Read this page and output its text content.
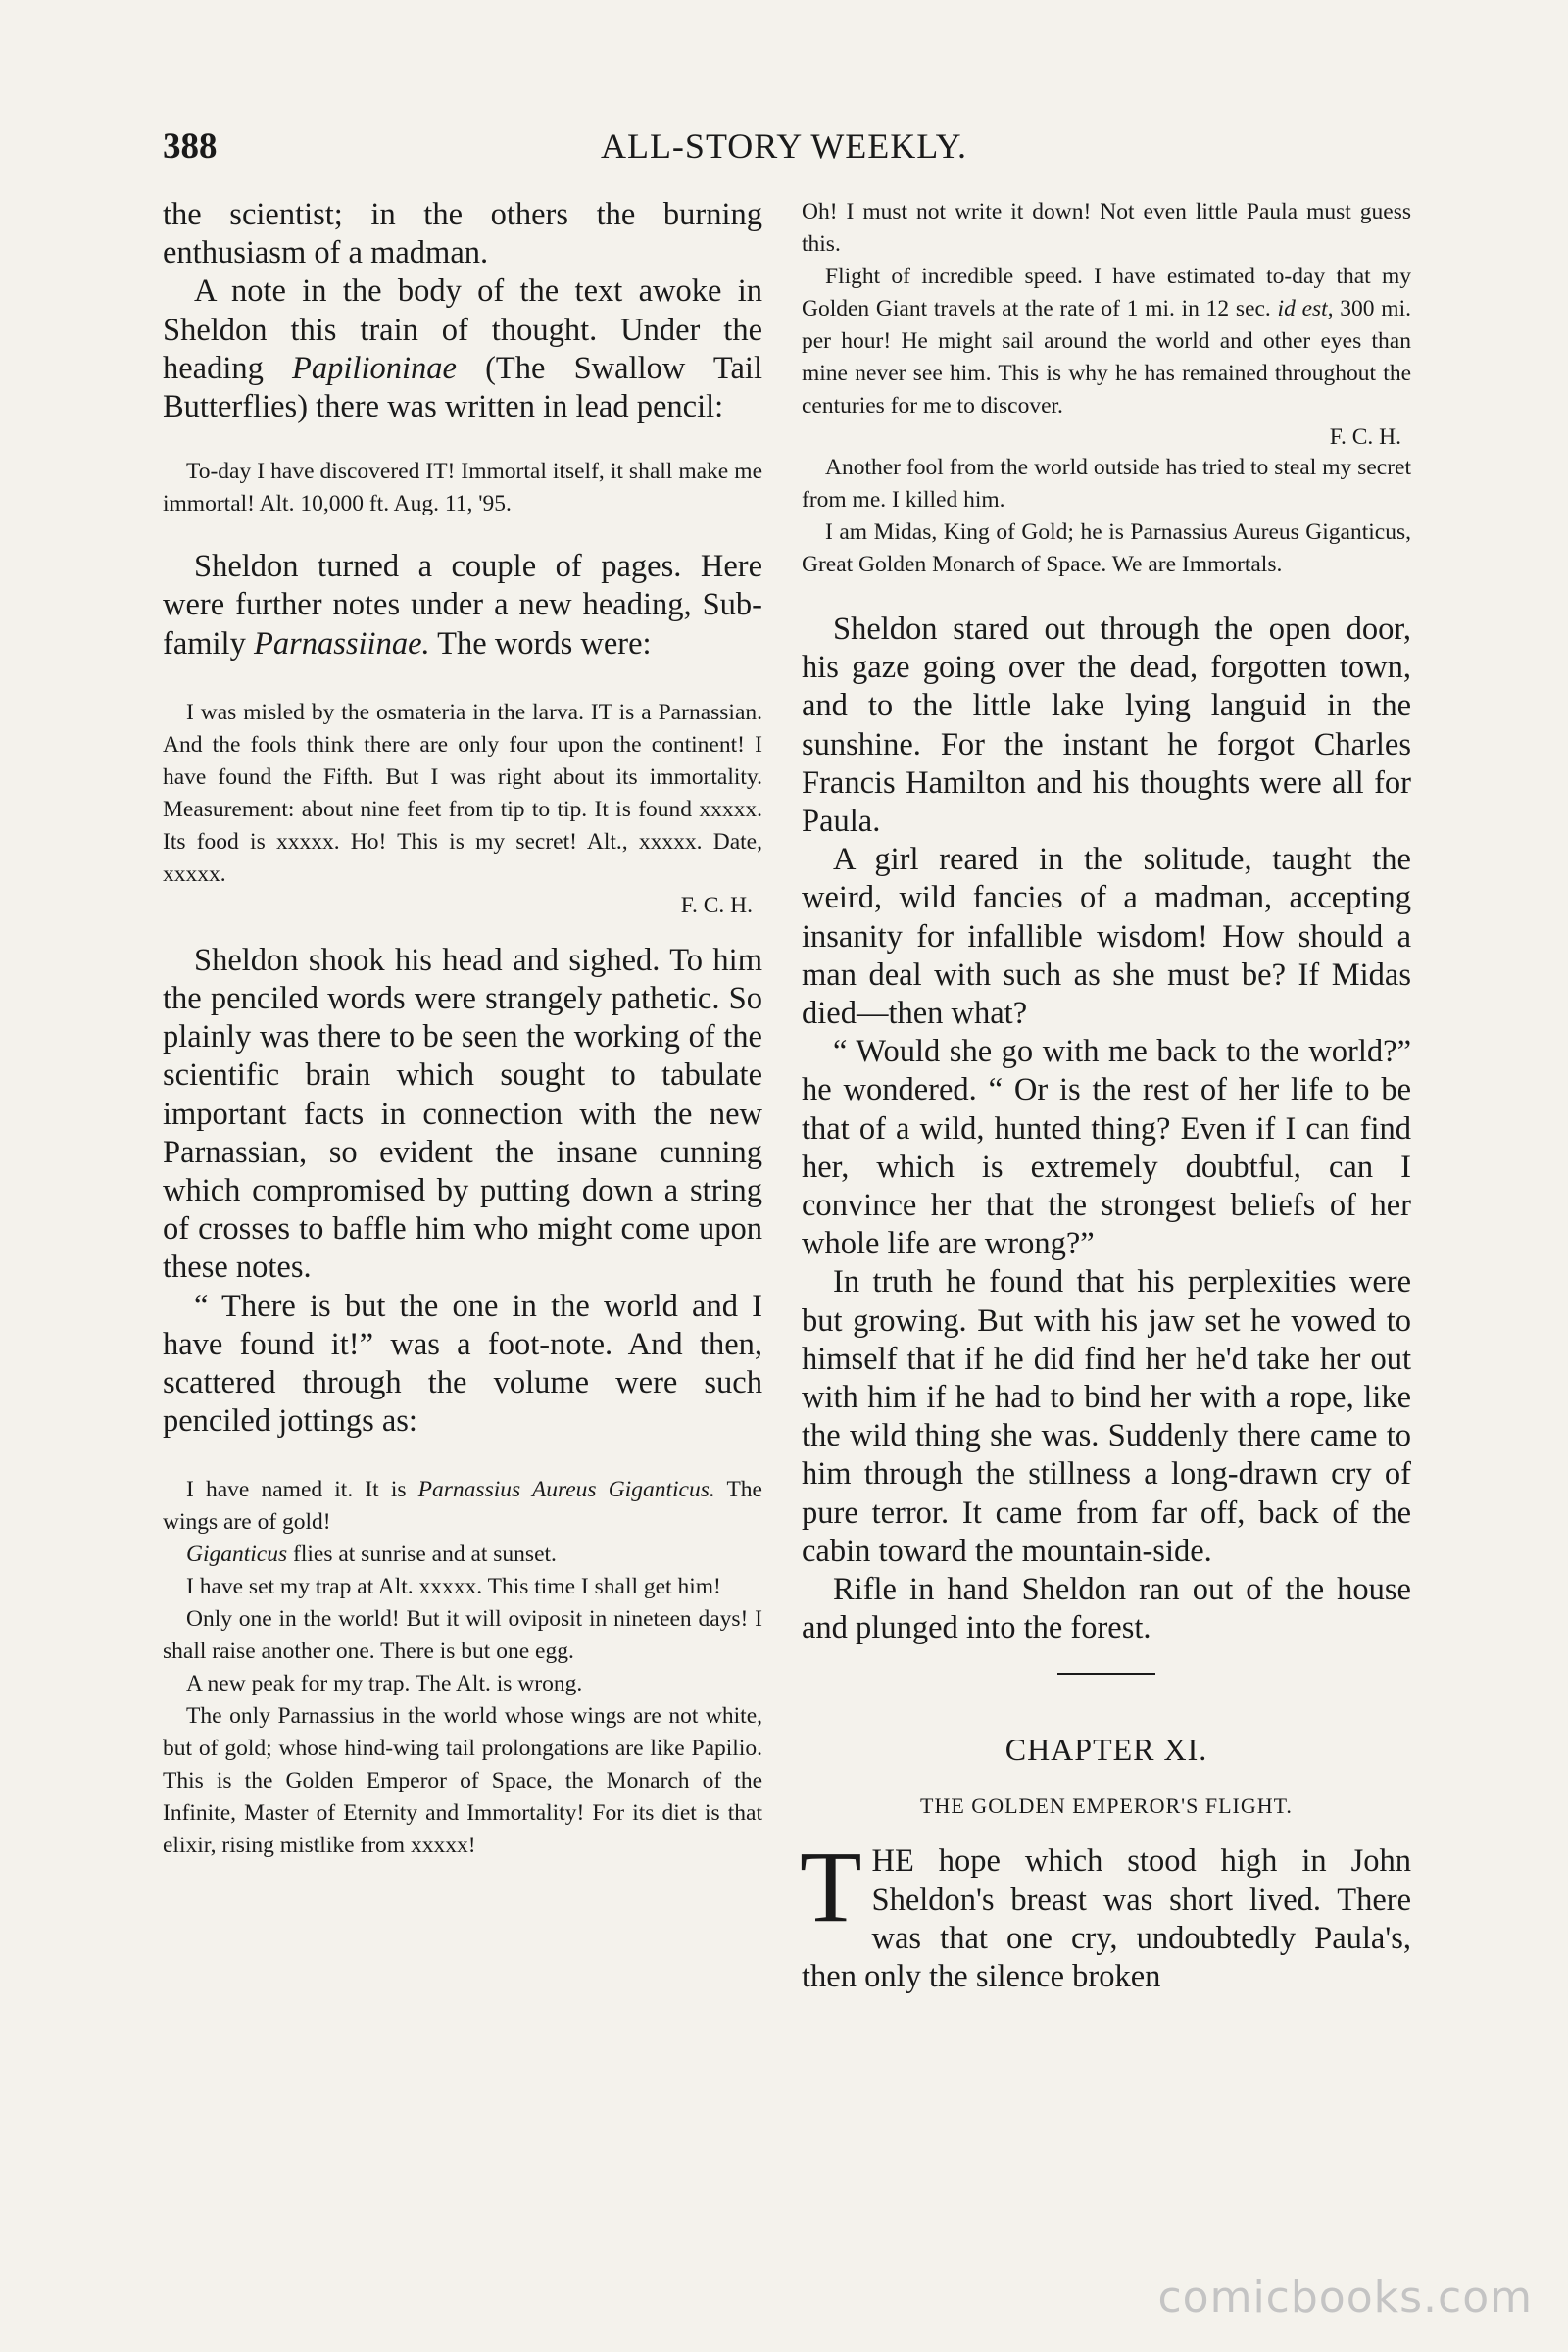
388	ALL-STORY WEEKLY.

the scientist; in the others the burning enthusiasm of a madman.

A note in the body of the text awoke in Sheldon this train of thought. Under the heading Papilioninae (The Swallow Tail Butterflies) there was written in lead pencil:

To-day I have discovered IT! Immortal itself, it shall make me immortal! Alt. 10,000 ft. Aug. 11, '95.

Sheldon turned a couple of pages. Here were further notes under a new heading, Sub-family Parnassiinae. The words were:

I was misled by the osmateria in the larva. IT is a Parnassian. And the fools think there are only four upon the continent! I have found the Fifth. But I was right about its immortality. Measurement: about nine feet from tip to tip. It is found xxxxx. Its food is xxxxx. Ho! This is my secret! Alt., xxxxx. Date, xxxxx.

F. C. H.

Sheldon shook his head and sighed. To him the penciled words were strangely pathetic. So plainly was there to be seen the working of the scientific brain which sought to tabulate important facts in connection with the new Parnassian, so evident the insane cunning which compromised by putting down a string of crosses to baffle him who might come upon these notes.

“ There is but the one in the world and I have found it!” was a foot-note. And then, scattered through the volume were such penciled jottings as:

I have named it. It is Parnassius Aureus Giganticus. The wings are of gold!

Giganticus flies at sunrise and at sunset.

I have set my trap at Alt. xxxxx. This time I shall get him!

Only one in the world! But it will oviposit in nineteen days! I shall raise another one. There is but one egg.

A new peak for my trap. The Alt. is wrong.

The only Parnassius in the world whose wings are not white, but of gold; whose hind-wing tail prolongations are like Papilio. This is the Golden Emperor of Space, the Monarch of the Infinite, Master of Eternity and Immortality! For its diet is that elixir, rising mistlike from xxxxx!

Oh! I must not write it down! Not even little Paula must guess this.

Flight of incredible speed. I have estimated to-day that my Golden Giant travels at the rate of 1 mi. in 12 sec. id est, 300 mi. per hour! He might sail around the world and other eyes than mine never see him. This is why he has remained throughout the centuries for me to discover.

F. C. H.

Another fool from the world outside has tried to steal my secret from me. I killed him.

I am Midas, King of Gold; he is Parnassius Aureus Giganticus, Great Golden Monarch of Space. We are Immortals.

Sheldon stared out through the open door, his gaze going over the dead, forgotten town, and to the little lake lying languid in the sunshine. For the instant he forgot Charles Francis Hamilton and his thoughts were all for Paula.

A girl reared in the solitude, taught the weird, wild fancies of a madman, accepting insanity for infallible wisdom! How should a man deal with such as she must be? If Midas died—then what?

“ Would she go with me back to the world?” he wondered. “ Or is the rest of her life to be that of a wild, hunted thing? Even if I can find her, which is extremely doubtful, can I convince her that the strongest beliefs of her whole life are wrong?”

In truth he found that his perplexities were but growing. But with his jaw set he vowed to himself that if he did find her he'd take her out with him if he had to bind her with a rope, like the wild thing she was. Suddenly there came to him through the stillness a long-drawn cry of pure terror. It came from far off, back of the cabin toward the mountain-side.

Rifle in hand Sheldon ran out of the house and plunged into the forest.

CHAPTER XI.
THE GOLDEN EMPEROR'S FLIGHT.

THE hope which stood high in John Sheldon's breast was short lived. There was that one cry, undoubtedly Paula's, then only the silence broken

comicbooks.com
